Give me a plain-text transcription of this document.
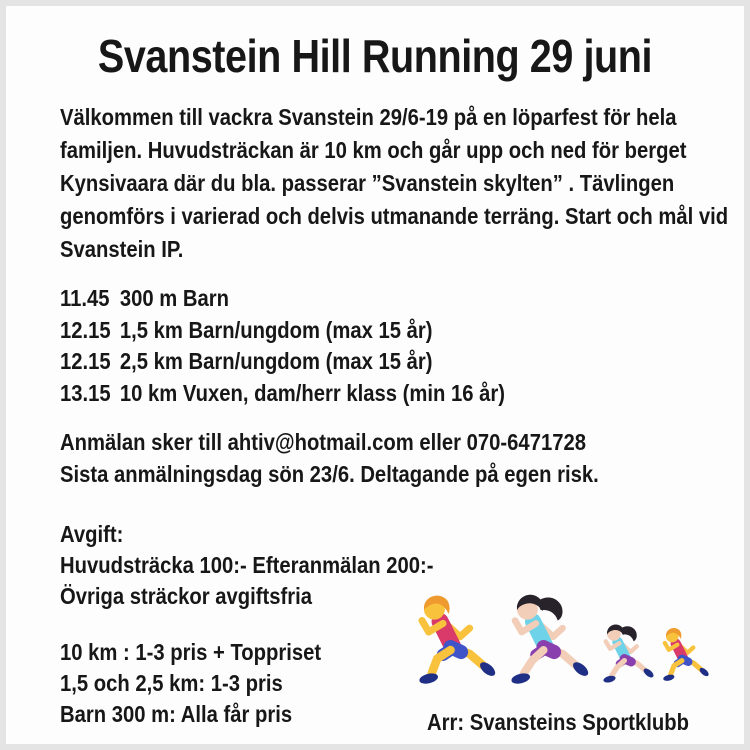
Svanstein Hill Running 29 juni
Välkommen till vackra Svanstein 29/6-19 på en löparfest för hela
familjen. Huvudsträckan är 10 km och går upp och ned för berget
Kynsivaara där du bla. passerar ”Svanstein skylten” . Tävlingen
genomförs i varierad och delvis utmanande terräng. Start och mål vid
Svanstein IP.
11.45 300 m Barn
12.15 1,5 km Barn/ungdom (max 15 år)
12.15 2,5 km Barn/ungdom (max 15 år)
13.15 10 km Vuxen, dam/herr klass (min 16 år)
Anmälan sker till ahtiv@hotmail.com eller 070-6471728
Sista anmälningsdag sön 23/6. Deltagande på egen risk.
Avgift:
Huvudsträcka 100:- Efteranmälan 200:-
Övriga sträckor avgiftsfria
10 km : 1-3 pris + Toppriset
1,5 och 2,5 km: 1-3 pris
Barn 300 m: Alla får pris	Arr: Svansteins Sportklubb
